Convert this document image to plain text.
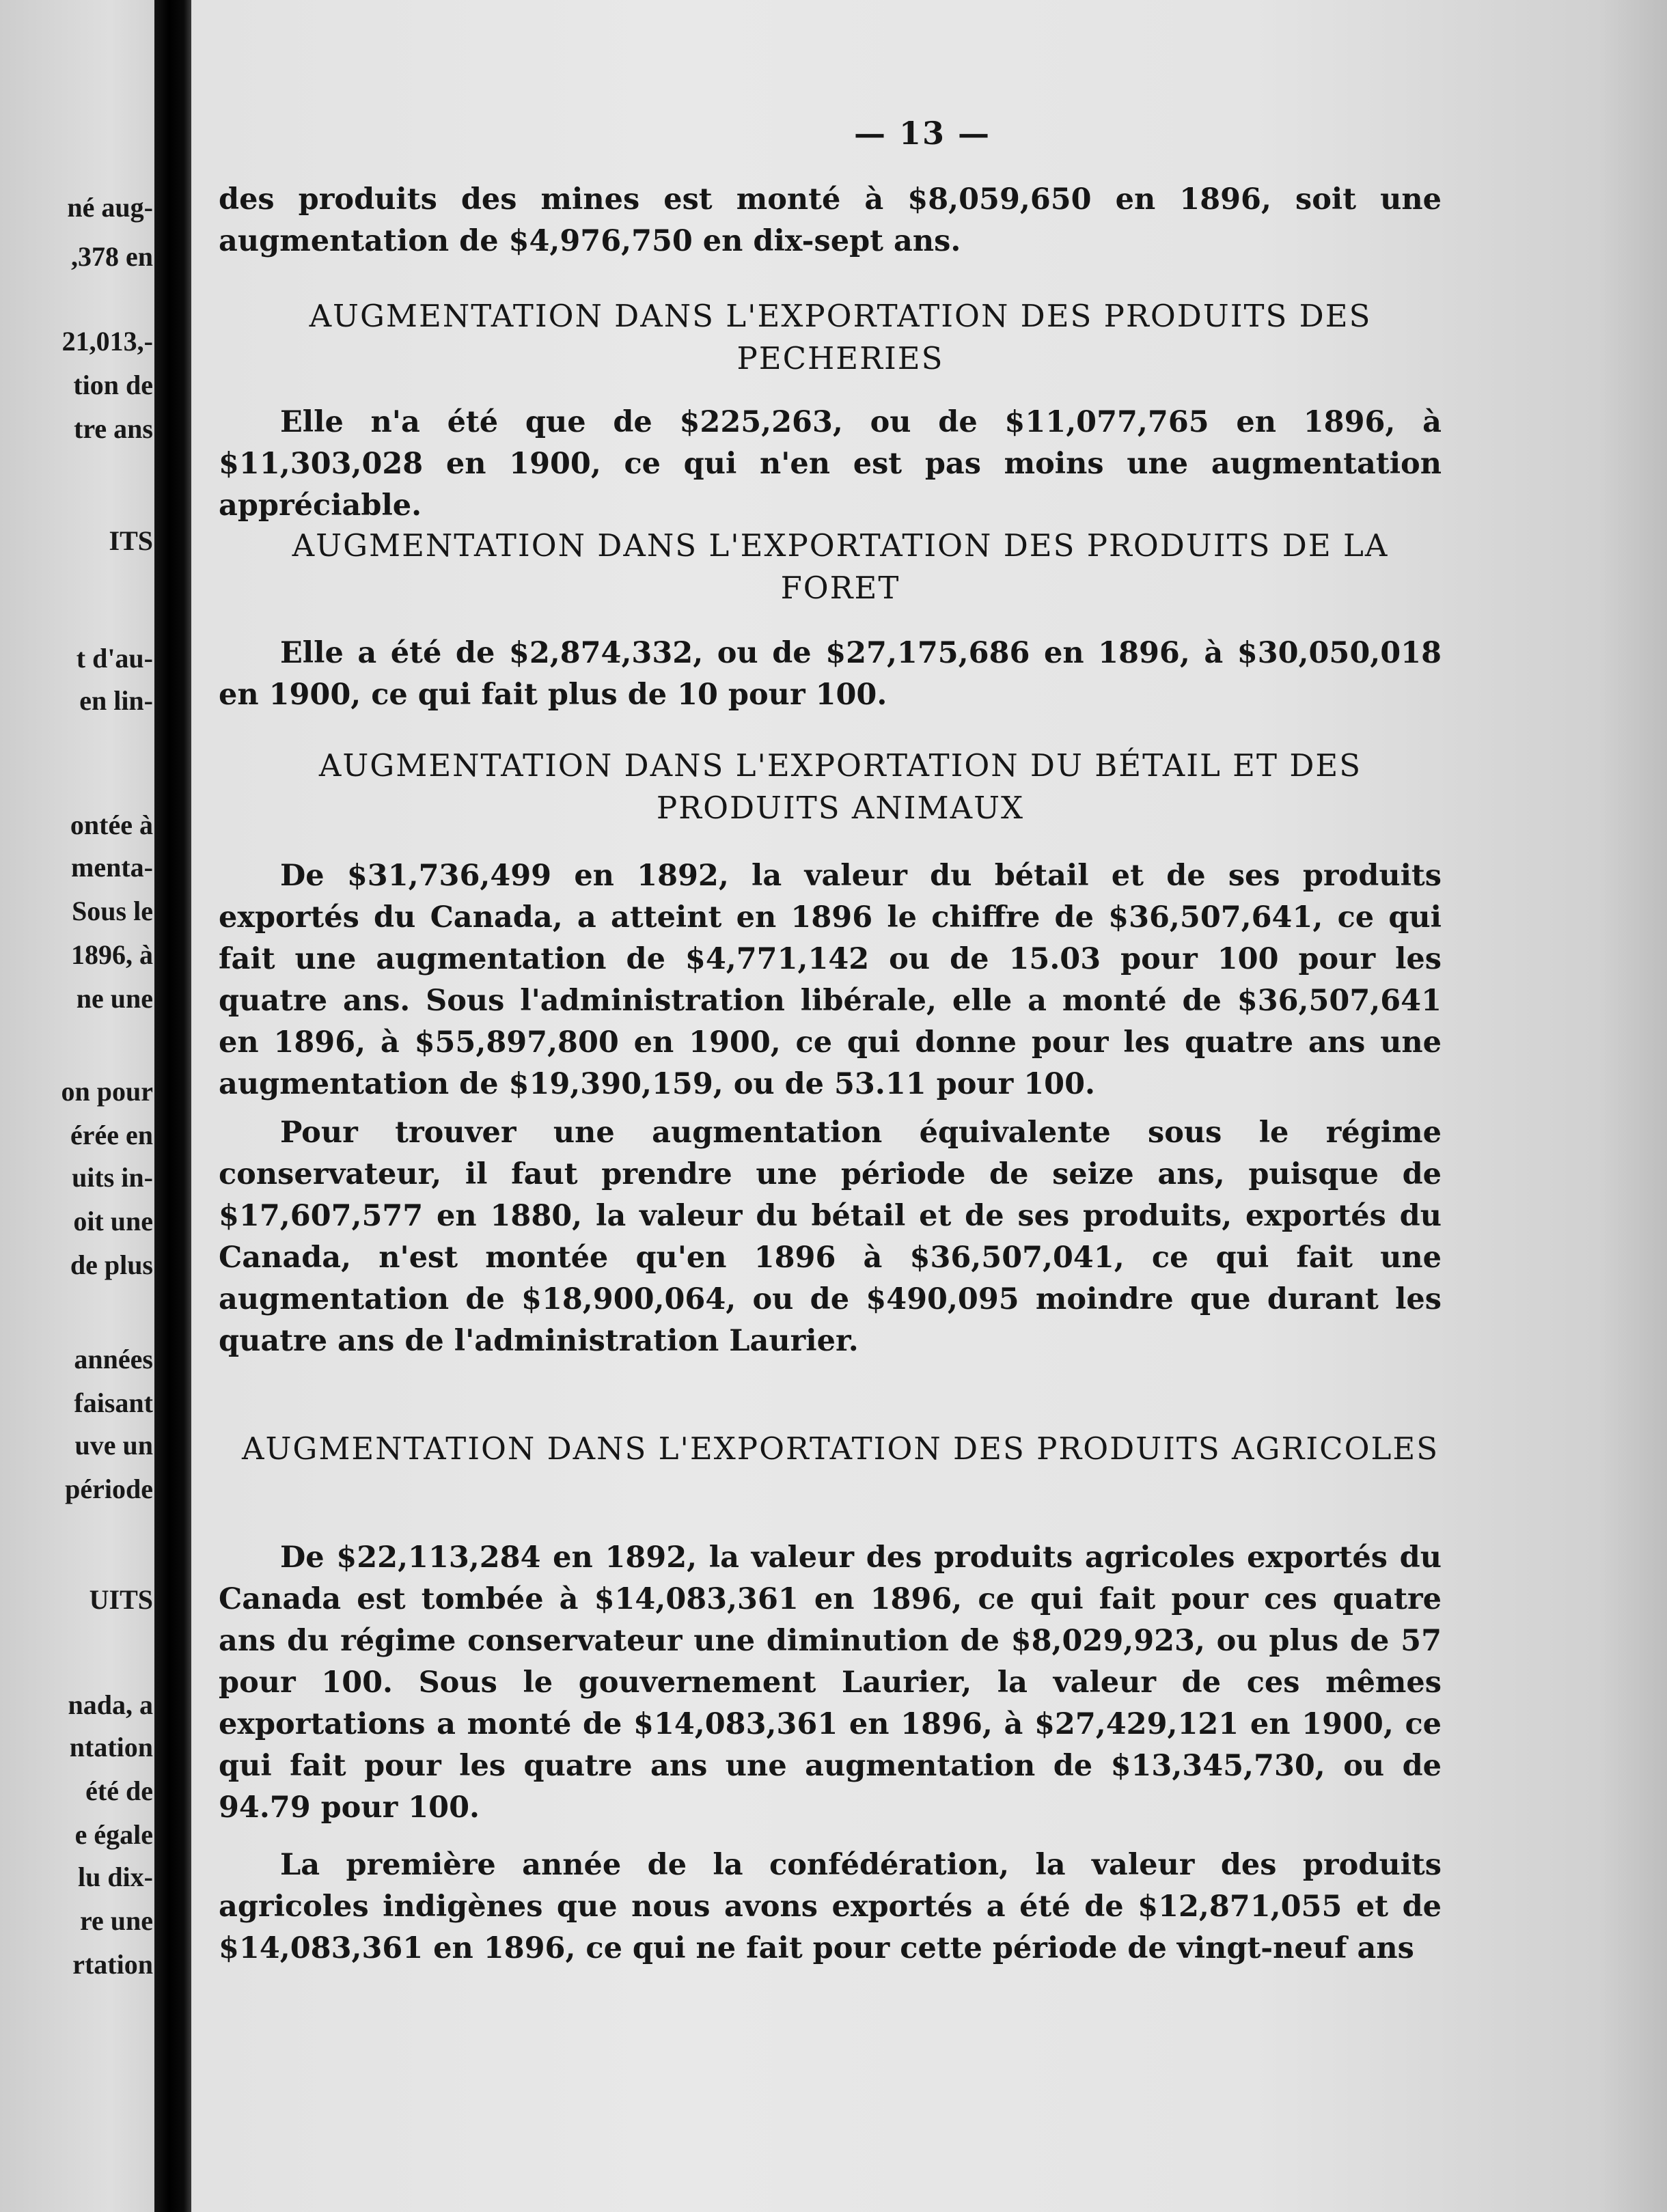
né aug-
,378 en
21,013,-
tion de
tre ans
ITS
t d'au-
en lin-
ontée à
menta-
Sous le
1896, à
ne une
on pour
érée en
uits in-
oit une
de plus
années
faisant
uve un
période
UITS
nada, a
ntation
été de
e égale
lu dix-
re une
rtation
— 13 —
des produits des mines est monté à $8,059,650 en 1896, soit une augmentation de $4,976,750 en dix-sept ans.
AUGMENTATION DANS L'EXPORTATION DES PRODUITS DES PECHERIES
Elle n'a été que de $225,263, ou de $11,077,765 en 1896, à $11,303,028 en 1900, ce qui n'en est pas moins une augmentation appréciable.
AUGMENTATION DANS L'EXPORTATION DES PRODUITS DE LA FORET
Elle a été de $2,874,332, ou de $27,175,686 en 1896, à $30,050,018 en 1900, ce qui fait plus de 10 pour 100.
AUGMENTATION DANS L'EXPORTATION DU BÉTAIL ET DES PRODUITS ANIMAUX
De $31,736,499 en 1892, la valeur du bétail et de ses produits exportés du Canada, a atteint en 1896 le chiffre de $36,507,641, ce qui fait une augmentation de $4,771,142 ou de 15.03 pour 100 pour les quatre ans. Sous l'administration libérale, elle a monté de $36,507,641 en 1896, à $55,897,800 en 1900, ce qui donne pour les quatre ans une augmentation de $19,390,159, ou de 53.11 pour 100.
Pour trouver une augmentation équivalente sous le régime conservateur, il faut prendre une période de seize ans, puisque de $17,607,577 en 1880, la valeur du bétail et de ses produits, exportés du Canada, n'est montée qu'en 1896 à $36,507,041, ce qui fait une augmentation de $18,900,064, ou de $490,095 moindre que durant les quatre ans de l'administration Laurier.
AUGMENTATION DANS L'EXPORTATION DES PRODUITS AGRICOLES
De $22,113,284 en 1892, la valeur des produits agricoles exportés du Canada est tombée à $14,083,361 en 1896, ce qui fait pour ces quatre ans du régime conservateur une diminution de $8,029,923, ou plus de 57 pour 100. Sous le gouvernement Laurier, la valeur de ces mêmes exportations a monté de $14,083,361 en 1896, à $27,429,121 en 1900, ce qui fait pour les quatre ans une augmentation de $13,345,730, ou de 94.79 pour 100.
La première année de la confédération, la valeur des produits agricoles indigènes que nous avons exportés a été de $12,871,055 et de $14,083,361 en 1896, ce qui ne fait pour cette période de vingt-neuf ans
